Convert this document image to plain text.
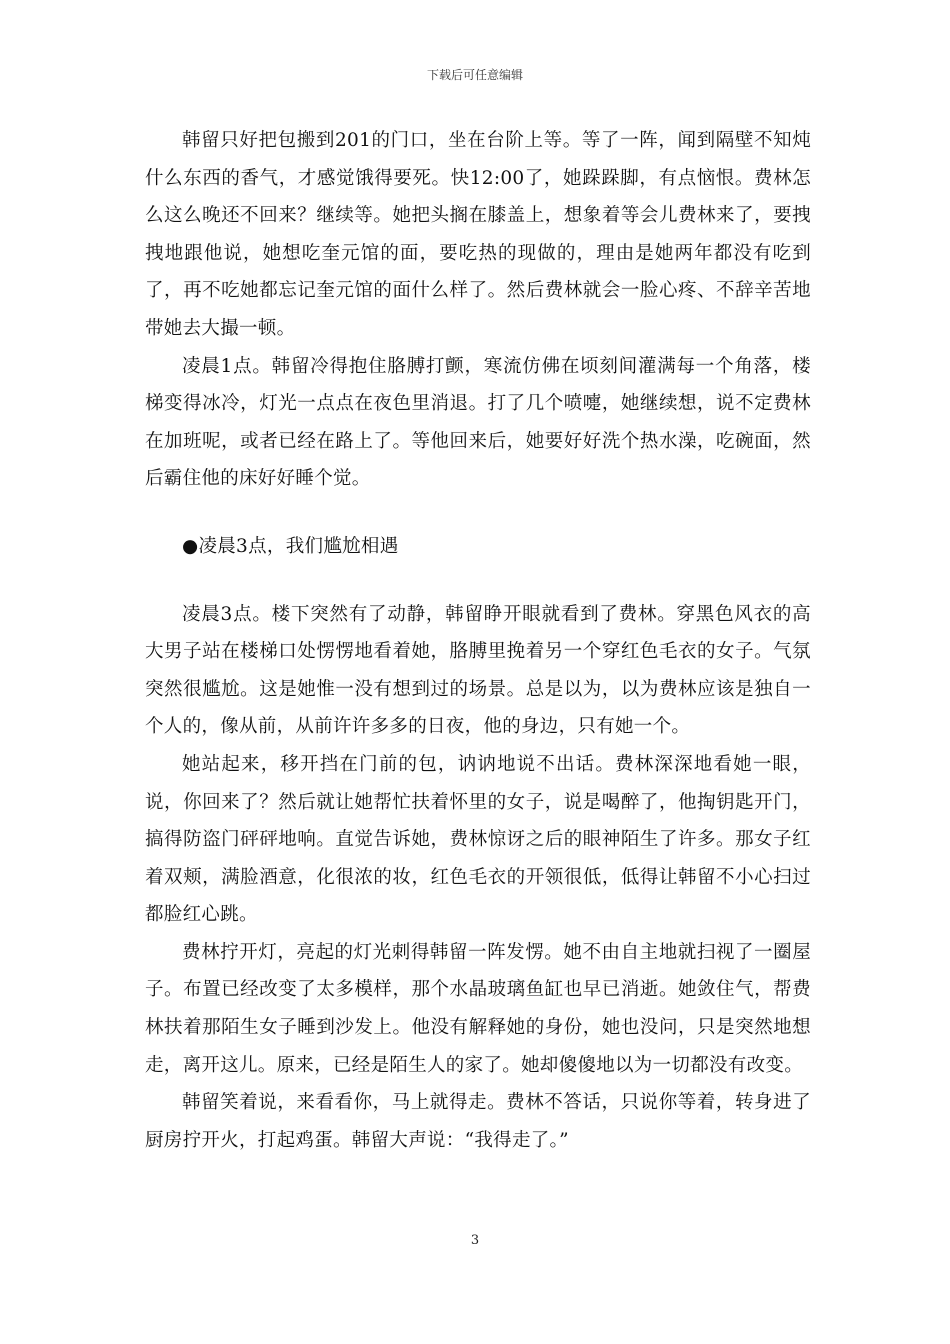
下载后可任意编辑

韩留只好把包搬到201的门口，坐在台阶上等。等了一阵，闻到隔壁不知炖什么东西的香气，才感觉饿得要死。快12:00了，她跺跺脚，有点恼恨。费林怎么这么晚还不回来？继续等。她把头搁在膝盖上，想象着等会儿费林来了，要拽拽地跟他说，她想吃奎元馆的面，要吃热的现做的，理由是她两年都没有吃到了，再不吃她都忘记奎元馆的面什么样了。然后费林就会一脸心疼、不辞辛苦地带她去大撮一顿。

凌晨1点。韩留冷得抱住胳膊打颤，寒流仿佛在顷刻间灌满每一个角落，楼梯变得冰冷，灯光一点点在夜色里消退。打了几个喷嚏，她继续想，说不定费林在加班呢，或者已经在路上了。等他回来后，她要好好洗个热水澡，吃碗面，然后霸住他的床好好睡个觉。

●凌晨3点，我们尴尬相遇

凌晨3点。楼下突然有了动静，韩留睁开眼就看到了费林。穿黑色风衣的高大男子站在楼梯口处愣愣地看着她，胳膊里挽着另一个穿红色毛衣的女子。气氛突然很尴尬。这是她惟一没有想到过的场景。总是以为，以为费林应该是独自一个人的，像从前，从前许许多多的日夜，他的身边，只有她一个。

她站起来，移开挡在门前的包，讷讷地说不出话。费林深深地看她一眼，说，你回来了？然后就让她帮忙扶着怀里的女子，说是喝醉了，他掏钥匙开门，搞得防盗门砰砰地响。直觉告诉她，费林惊讶之后的眼神陌生了许多。那女子红着双颊，满脸酒意，化很浓的妆，红色毛衣的开领很低，低得让韩留不小心扫过都脸红心跳。

费林拧开灯，亮起的灯光刺得韩留一阵发愣。她不由自主地就扫视了一圈屋子。布置已经改变了太多模样，那个水晶玻璃鱼缸也早已消逝。她敛住气，帮费林扶着那陌生女子睡到沙发上。他没有解释她的身份，她也没问，只是突然地想走，离开这儿。原来，已经是陌生人的家了。她却傻傻地以为一切都没有改变。

韩留笑着说，来看看你，马上就得走。费林不答话，只说你等着，转身进了厨房拧开火，打起鸡蛋。韩留大声说：“我得走了。”

3
